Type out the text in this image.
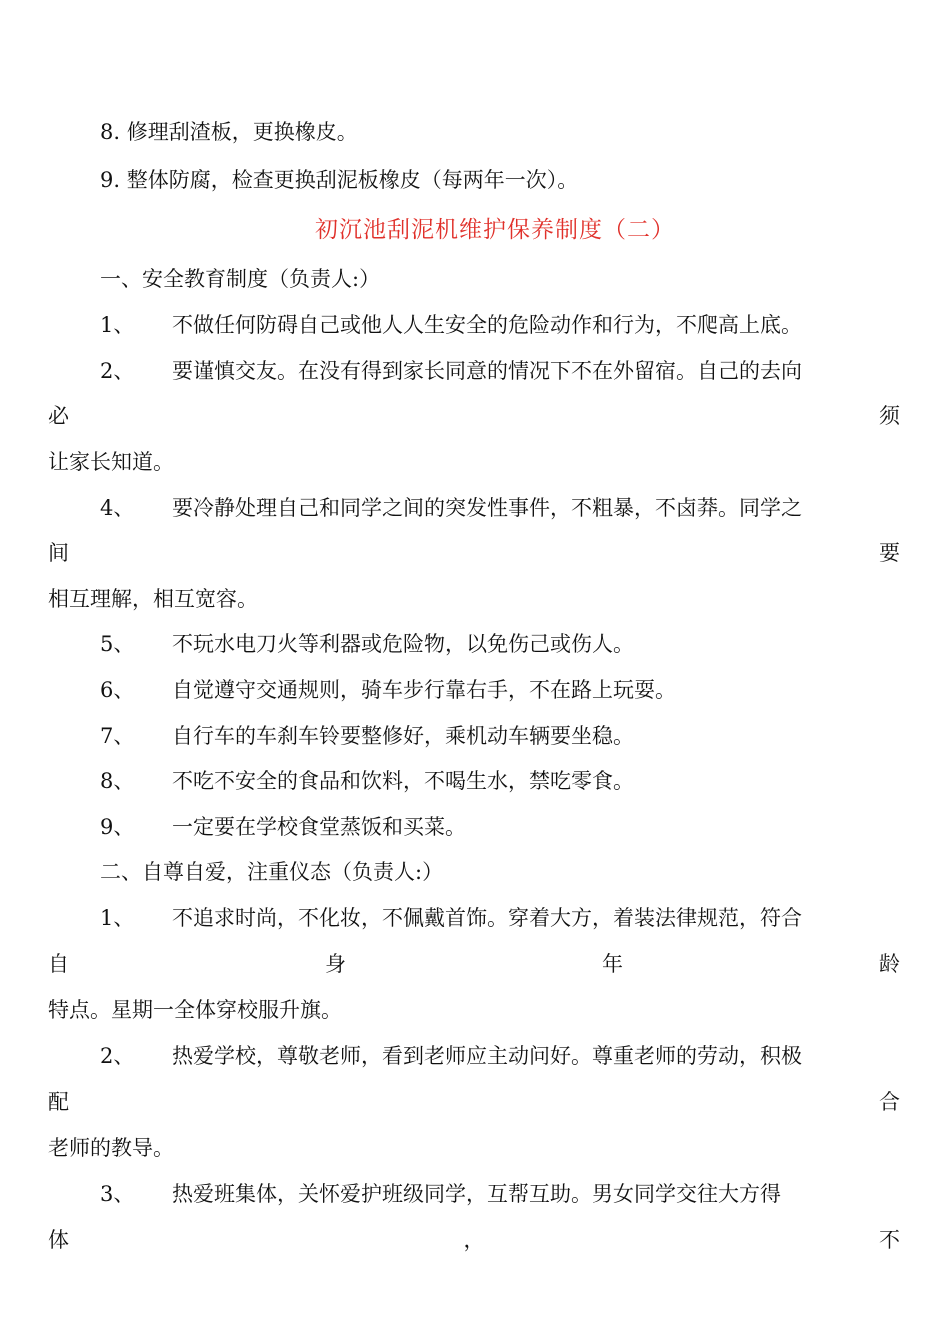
8. 修理刮渣板，更换橡皮。
9. 整体防腐，检查更换刮泥板橡皮（每两年一次）。
初沉池刮泥机维护保养制度（二）
一、安全教育制度（负责人:）
1、 不做任何防碍自己或他人人生安全的危险动作和行为，不爬高上底。
2、 要谨慎交友。在没有得到家长同意的情况下不在外留宿。自己的去向
必	须
让家长知道。
4、 要冷静处理自己和同学之间的突发性事件，不粗暴，不卤莽。同学之
间	要
相互理解，相互宽容。
5、 不玩水电刀火等利器或危险物，以免伤己或伤人。
6、 自觉遵守交通规则，骑车步行靠右手，不在路上玩耍。
7、 自行车的车刹车铃要整修好，乘机动车辆要坐稳。
8、 不吃不安全的食品和饮料，不喝生水，禁吃零食。
9、 一定要在学校食堂蒸饭和买菜。
二、自尊自爱，注重仪态（负责人:）
1、 不追求时尚，不化妆，不佩戴首饰。穿着大方，着装法律规范，符合
自	身	年	龄
特点。星期一全体穿校服升旗。
2、 热爱学校，尊敬老师，看到老师应主动问好。尊重老师的劳动，积极
配	合
老师的教导。
3、 热爱班集体，关怀爱护班级同学，互帮互助。男女同学交往大方得
体	，	不
